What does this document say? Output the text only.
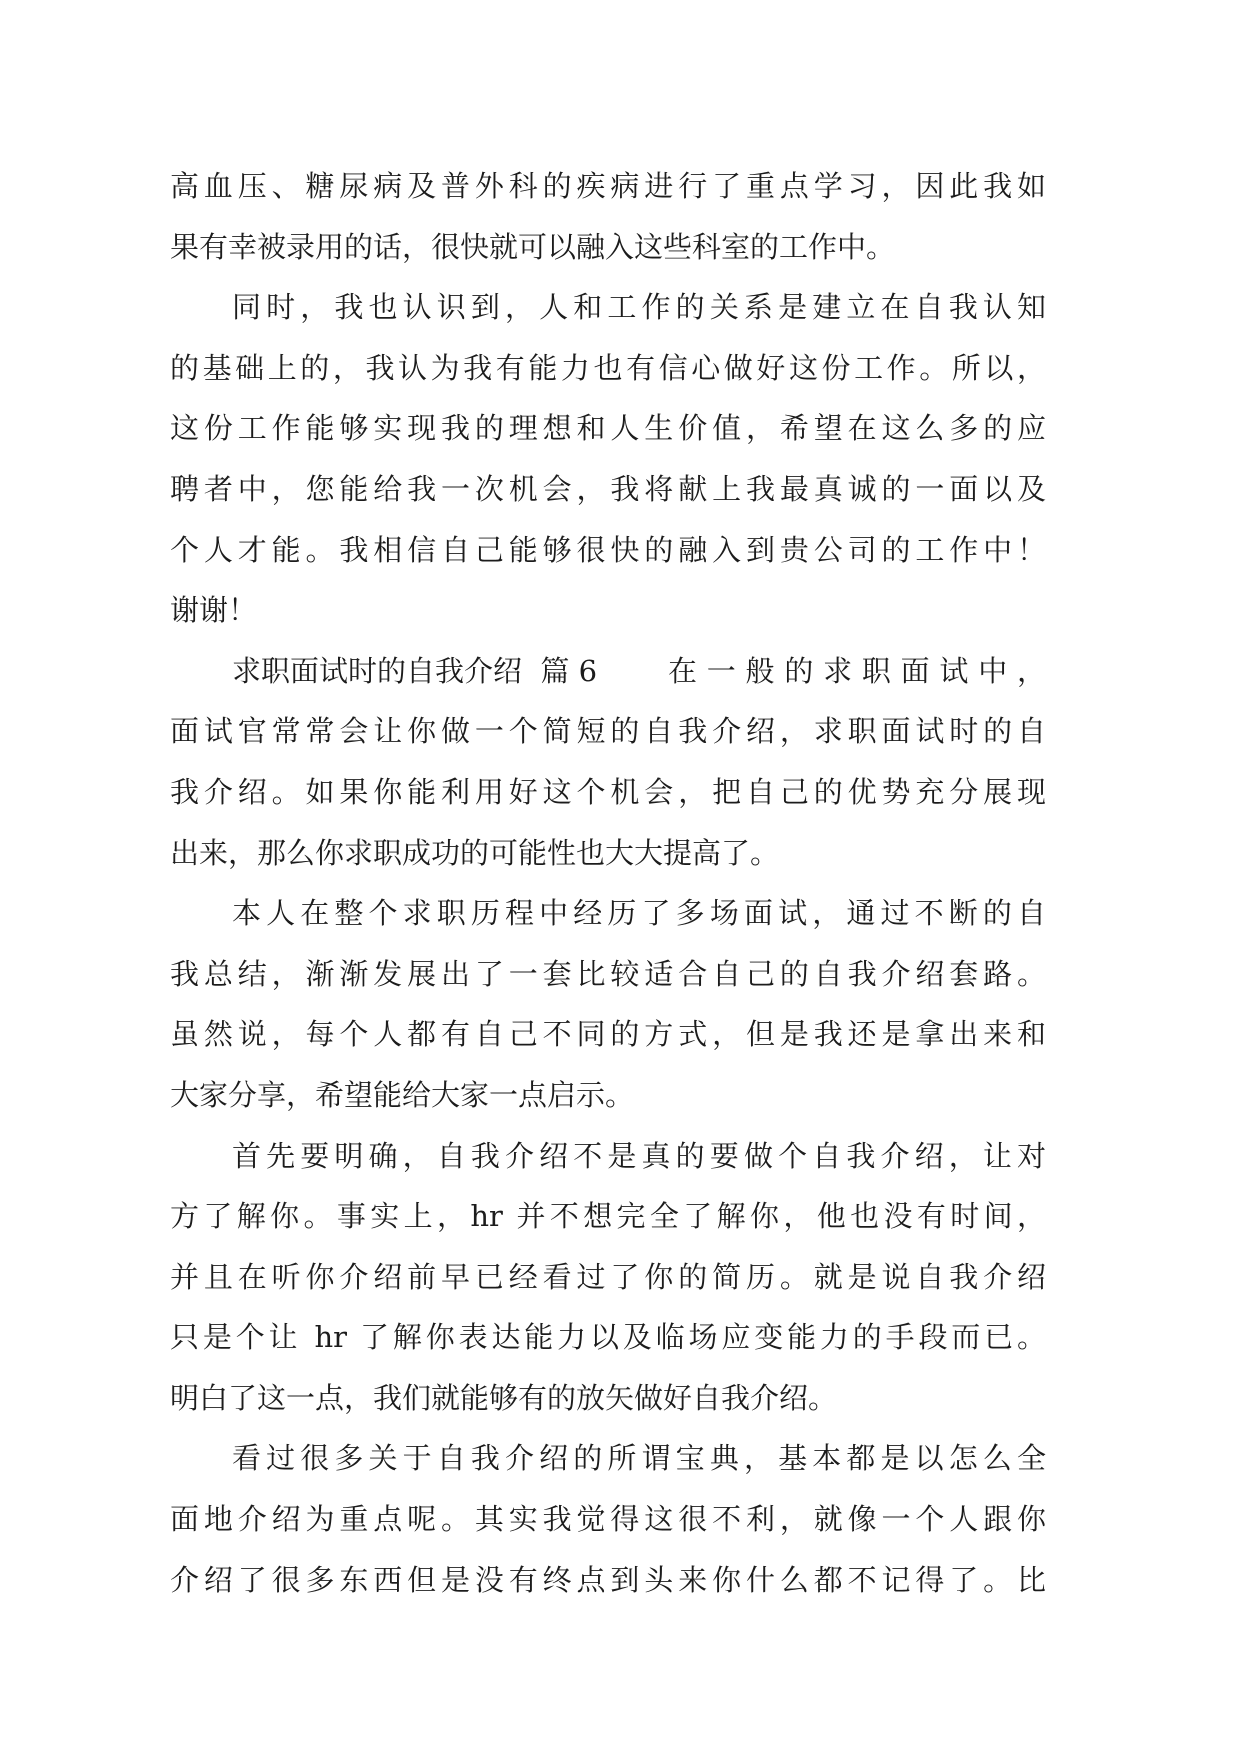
高血压、糖尿病及普外科的疾病进行了重点学习，因此我如
果有幸被录用的话，很快就可以融入这些科室的工作中。
同时，我也认识到，人和工作的关系是建立在自我认知
的基础上的，我认为我有能力也有信心做好这份工作。所以，
这份工作能够实现我的理想和人生价值，希望在这么多的应
聘者中，您能给我一次机会，我将献上我最真诚的一面以及
个人才能。我相信自己能够很快的融入到贵公司的工作中！
谢谢！
求职面试时的自我介绍  篇 6 在一般的求职面试中，
面试官常常会让你做一个简短的自我介绍，求职面试时的自
我介绍。如果你能利用好这个机会，把自己的优势充分展现
出来，那么你求职成功的可能性也大大提高了。
本人在整个求职历程中经历了多场面试，通过不断的自
我总结，渐渐发展出了一套比较适合自己的自我介绍套路。
虽然说，每个人都有自己不同的方式，但是我还是拿出来和
大家分享，希望能给大家一点启示。
首先要明确，自我介绍不是真的要做个自我介绍，让对
方了解你。事实上，hr 并不想完全了解你，他也没有时间，
并且在听你介绍前早已经看过了你的简历。就是说自我介绍
只是个让 hr 了解你表达能力以及临场应变能力的手段而已。
明白了这一点，我们就能够有的放矢做好自我介绍。
看过很多关于自我介绍的所谓宝典，基本都是以怎么全
面地介绍为重点呢。其实我觉得这很不利，就像一个人跟你
介绍了很多东西但是没有终点到头来你什么都不记得了。比
